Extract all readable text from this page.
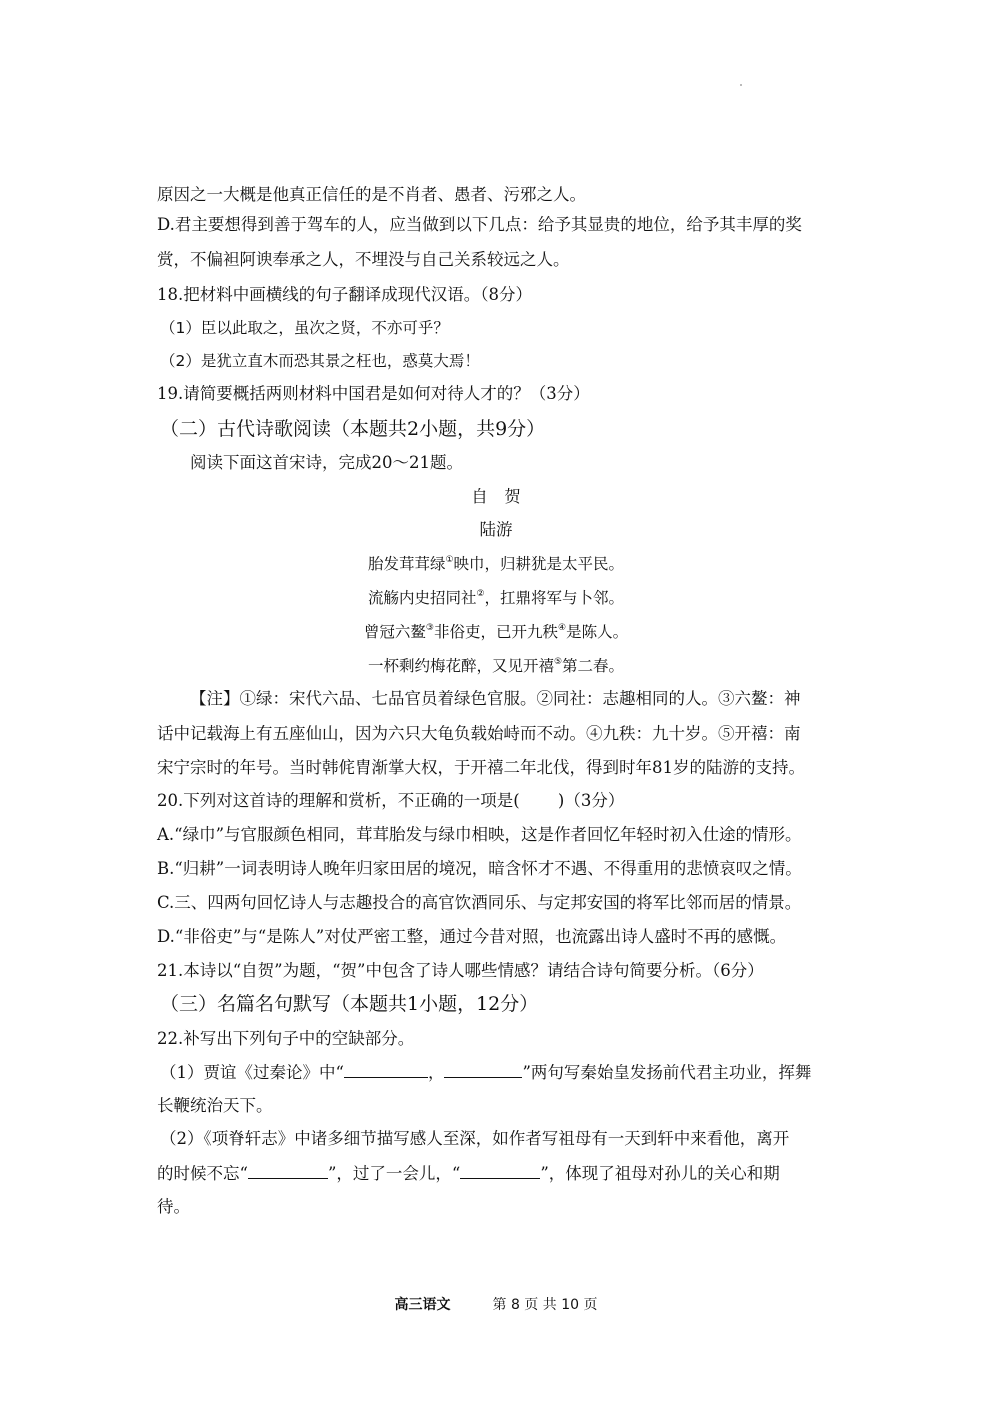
原因之一大概是他真正信任的是不肖者、愚者、污邪之人。
D.君主要想得到善于驾车的人，应当做到以下几点：给予其显贵的地位，给予其丰厚的奖
赏，不偏袒阿谀奉承之人，不埋没与自己关系较远之人。
18.把材料中画横线的句子翻译成现代汉语。（8分）
（1）臣以此取之，虽次之贤，不亦可乎？
（2）是犹立直木而恐其景之枉也，惑莫大焉！
19.请简要概括两则材料中国君是如何对待人才的？（3分）
（二）古代诗歌阅读（本题共2小题，共9分）
阅读下面这首宋诗，完成20～21题。
自　贺
陆游
胎发茸茸绿①映巾，归耕犹是太平民。
流觞内史招同社②，扛鼎将军与卜邻。
曾冠六鳌③非俗吏，已开九秩④是陈人。
一杯剩约梅花醉，又见开禧⑤第二春。
【注】①绿：宋代六品、七品官员着绿色官服。②同社：志趣相同的人。③六鳌：神
话中记载海上有五座仙山，因为六只大龟负载始峙而不动。④九秩：九十岁。⑤开禧：南
宋宁宗时的年号。当时韩侂胄渐掌大权，于开禧二年北伐，得到时年81岁的陆游的支持。
20.下列对这首诗的理解和赏析，不正确的一项是(　　 )（3分）
A.“绿巾”与官服颜色相同，茸茸胎发与绿巾相映，这是作者回忆年轻时初入仕途的情形。
B.“归耕”一词表明诗人晚年归家田居的境况，暗含怀才不遇、不得重用的悲愤哀叹之情。
C.三、四两句回忆诗人与志趣投合的高官饮酒同乐、与定邦安国的将军比邻而居的情景。
D.“非俗吏”与“是陈人”对仗严密工整，通过今昔对照，也流露出诗人盛时不再的感慨。
21.本诗以“自贺”为题，“贺”中包含了诗人哪些情感？请结合诗句简要分析。（6分）
（三）名篇名句默写（本题共1小题，12分）
22.补写出下列句子中的空缺部分。
（1）贾谊《过秦论》中“	，	”两句写秦始皇发扬前代君主功业，挥舞
长鞭统治天下。
（2）《项脊轩志》中诸多细节描写感人至深，如作者写祖母有一天到轩中来看他，离开
的时候不忘“	”，过了一会儿，“	”，体现了祖母对孙儿的关心和期
待。
高三语文	第 8 页 共 10 页
